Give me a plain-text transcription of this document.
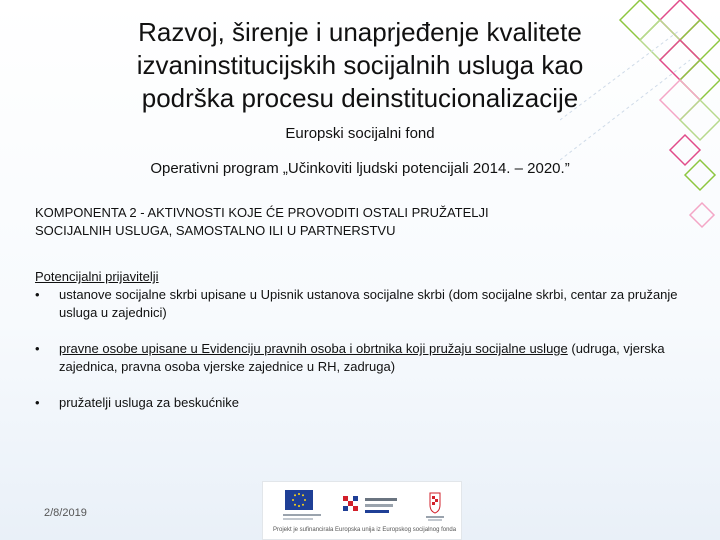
Razvoj, širenje i unaprjeđenje kvalitete
izvaninstitucijskih socijalnih usluga kao
podrška procesu deinstitucionalizacije
Europski socijalni fond
Operativni program „Učinkoviti ljudski potencijali 2014. – 2020.”
KOMPONENTA 2 - AKTIVNOSTI KOJE ĆE PROVODITI OSTALI PRUŽATELJI
SOCIJALNIH USLUGA, SAMOSTALNO ILI U PARTNERSTVU
Potencijalni prijavitelji
• ustanove socijalne skrbi upisane u Upisnik ustanova socijalne skrbi (dom socijalne skrbi, centar za pružanje usluga u zajednici)
• pravne osobe upisane u Evidenciju pravnih osoba i obrtnika koji pružaju socijalne usluge (udruga, vjerska zajednica, pravna osoba vjerske zajednice u RH, zadruga)
• pružatelji usluga za beskućnike
2/8/2019
Projekt je sufinancirala Europska unija iz Europskog socijalnog fonda
